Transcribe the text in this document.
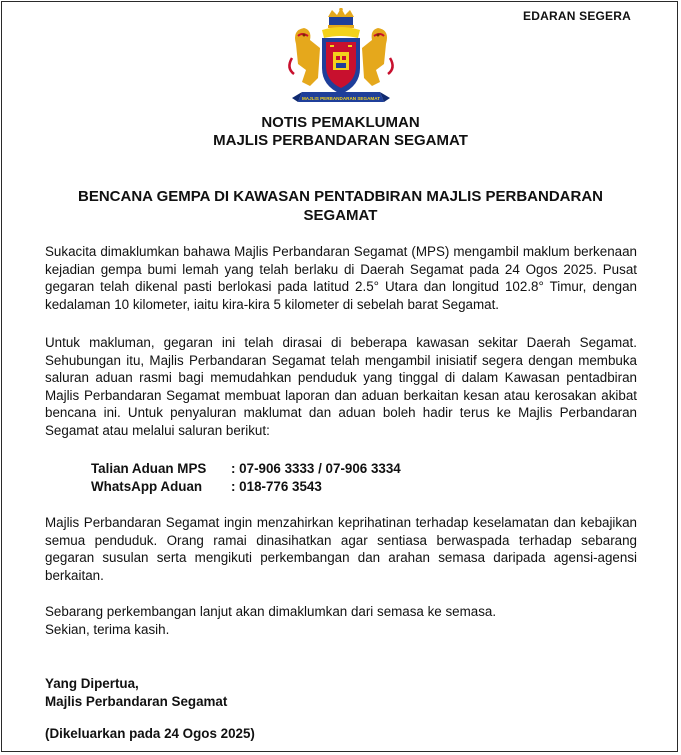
EDARAN SEGERA
MAJLIS PERBANDARAN SEGAMAT
NOTIS PEMAKLUMAN
MAJLIS PERBANDARAN SEGAMAT
BENCANA GEMPA DI KAWASAN PENTADBIRAN MAJLIS PERBANDARAN SEGAMAT

Sukacita dimaklumkan bahawa Majlis Perbandaran Segamat (MPS) mengambil maklum berkenaan kejadian gempa bumi lemah yang telah berlaku di Daerah Segamat pada 24 Ogos 2025. Pusat gegaran telah dikenal pasti berlokasi pada latitud 2.5° Utara dan longitud 102.8° Timur, dengan kedalaman 10 kilometer, iaitu kira-kira 5 kilometer di sebelah barat Segamat.

Untuk makluman, gegaran ini telah dirasai di beberapa kawasan sekitar Daerah Segamat. Sehubungan itu, Majlis Perbandaran Segamat telah mengambil inisiatif segera dengan membuka saluran aduan rasmi bagi memudahkan penduduk yang tinggal di dalam Kawasan pentadbiran Majlis Perbandaran Segamat membuat laporan dan aduan berkaitan kesan atau kerosakan akibat bencana ini. Untuk penyaluran maklumat dan aduan boleh hadir terus ke Majlis Perbandaran Segamat atau melalui saluran berikut:

Talian Aduan MPS	: 07-906 3333 / 07-906 3334
WhatsApp Aduan	: 018-776 3543

Majlis Perbandaran Segamat ingin menzahirkan keprihatinan terhadap keselamatan dan kebajikan semua penduduk. Orang ramai dinasihatkan agar sentiasa berwaspada terhadap sebarang gegaran susulan serta mengikuti perkembangan dan arahan semasa daripada agensi-agensi berkaitan.

Sebarang perkembangan lanjut akan dimaklumkan dari semasa ke semasa.
Sekian, terima kasih.

Yang Dipertua,
Majlis Perbandaran Segamat
(Dikeluarkan pada 24 Ogos 2025)
